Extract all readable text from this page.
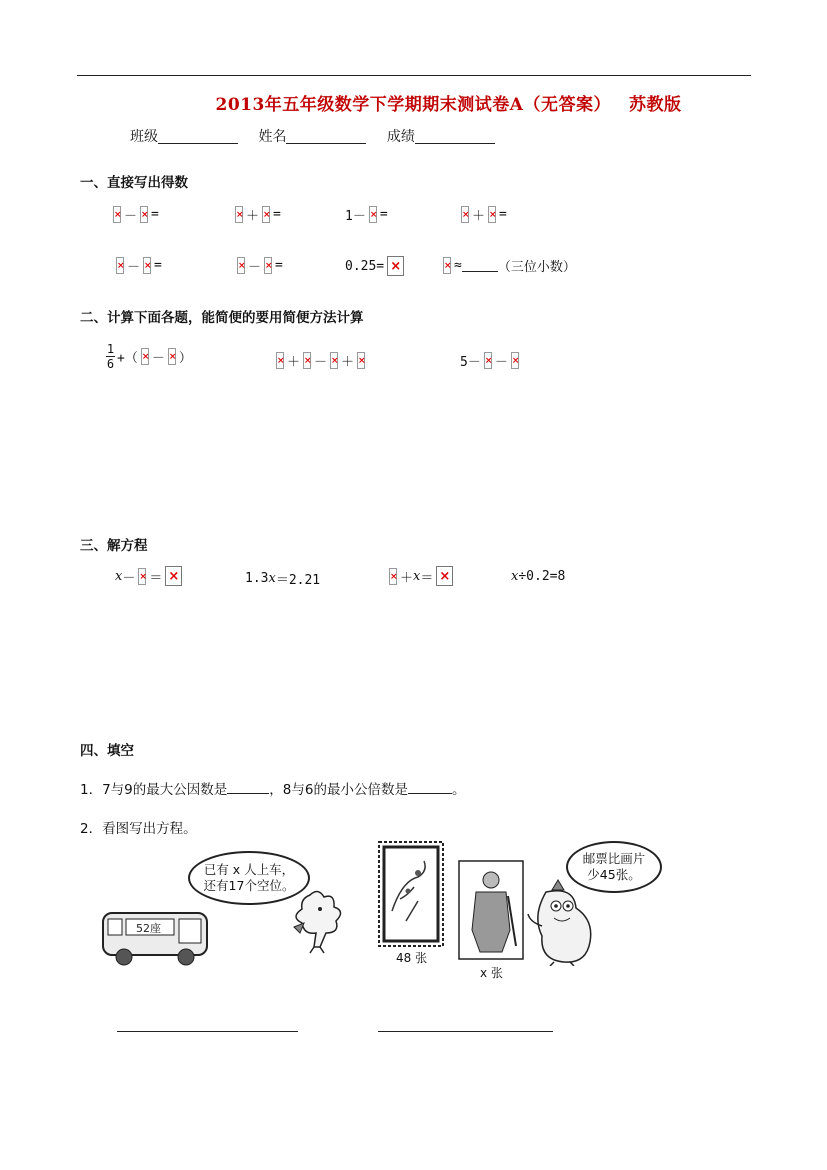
2013年五年级数学下学期期末测试卷A（无答案） 苏教版
班级	姓名	成绩
一、直接写出得数
×
－ × = ×	＋ × =	1－ × = ×	＋ × =
×
－ × = ×	－ × =	0.25= × ×	≈	（三位小数）
二、计算下面各题，能简便的要用简便方法计算
$\frac{1}{6}$ +（ × － × ） ×	＋ × － × ＋ ×	5－ × －
×
三、解方程
x － × ＝ ×	1.3 x ＝2.21 ×	＋ x ＝ ×	x ÷0.2=8
四、填空
1．7与9的最大公因数是	，8与6的最小公倍数是	。
2．看图写出方程。
已有 x 人上车，
还有17个空位。
52座
48 张
x 张
邮票比画片
少45张。
